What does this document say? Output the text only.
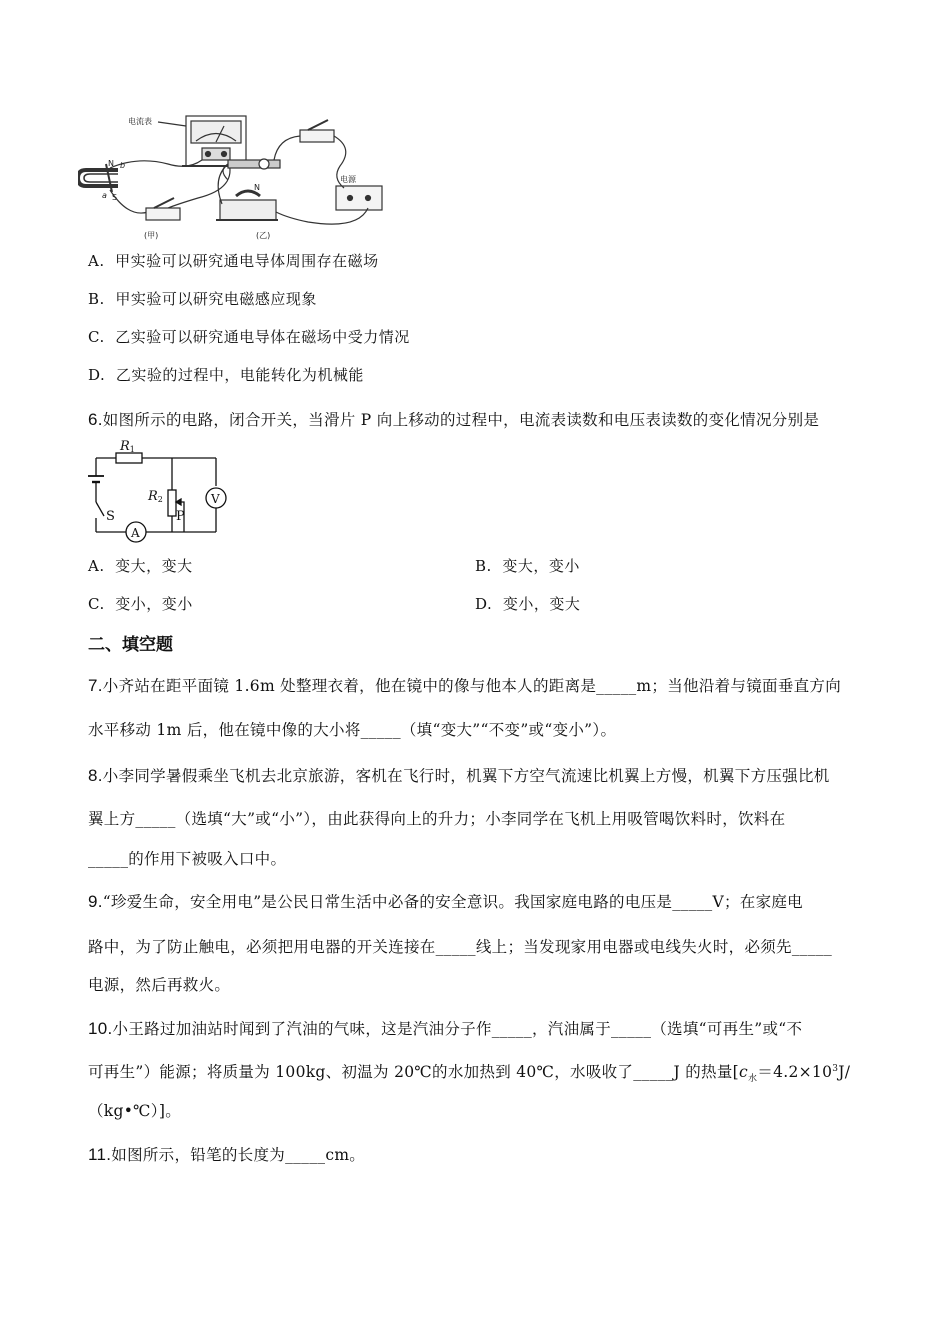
电流表
N
S
a
b
N
电源
(甲)	(乙)
A. 甲实验可以研究通电导体周围存在磁场
B. 甲实验可以研究电磁感应现象
C. 乙实验可以研究通电导体在磁场中受力情况
D. 乙实验的过程中，电能转化为机械能
6.如图所示的电路，闭合开关，当滑片 P 向上移动的过程中，电流表读数和电压表读数的变化情况分别是
R1
R2
P
S
V
A
A. 变大，变大	B. 变大，变小
C. 变小，变小	D. 变小，变大
二、填空题
7.小齐站在距平面镜 1.6m 处整理衣着，他在镜中的像与他本人的距离是_____m；当他沿着与镜面垂直方向
水平移动 1m 后，他在镜中像的大小将_____（填“变大”“不变”或“变小”）。
8.小李同学暑假乘坐飞机去北京旅游，客机在飞行时，机翼下方空气流速比机翼上方慢，机翼下方压强比机
翼上方_____（选填“大”或“小”），由此获得向上的升力；小李同学在飞机上用吸管喝饮料时，饮料在
_____的作用下被吸入口中。
9.“珍爱生命，安全用电”是公民日常生活中必备的安全意识。我国家庭电路的电压是_____V；在家庭电
路中，为了防止触电，必须把用电器的开关连接在_____线上；当发现家用电器或电线失火时，必须先_____
电源，然后再救火。
10.小王路过加油站时闻到了汽油的气味，这是汽油分子作_____，汽油属于_____（选填“可再生”或“不
可再生”）能源；将质量为 100kg、初温为 20℃的水加热到 40℃，水吸收了_____J 的热量[$c_水=4.2\times 10^3J/$
（kg•℃）]。
11.如图所示，铅笔的长度为_____cm。
